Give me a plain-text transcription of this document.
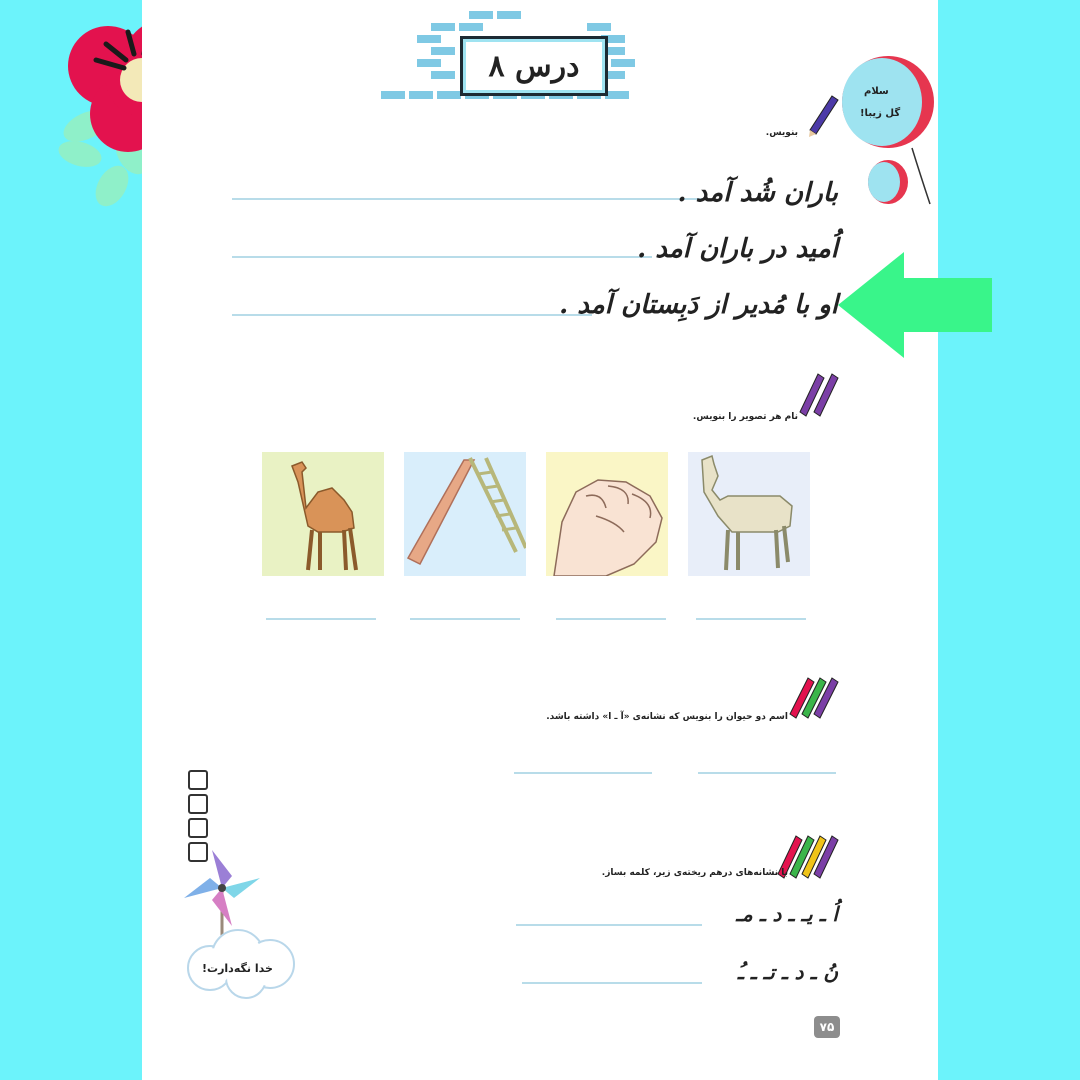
درس ۸
سلام
گل زیبا!
بنویس.
باران شُد آمد .
اُمید در باران آمد .
او با مُدیر از دَبِستان آمد .
نام هر تصویر را بنویس.
اسم دو حیوان را بنویس که نشانه‌ی «آ ـ ا» داشته باشد.
با نشانه‌های درهم ریخته‌ی زیر، کلمه بساز.
اُ ـ یـ ـ د ـ مـ
نُ ـ د ـ تـ ـ ـُ
خدا نگه‌دارت!
۷۵
